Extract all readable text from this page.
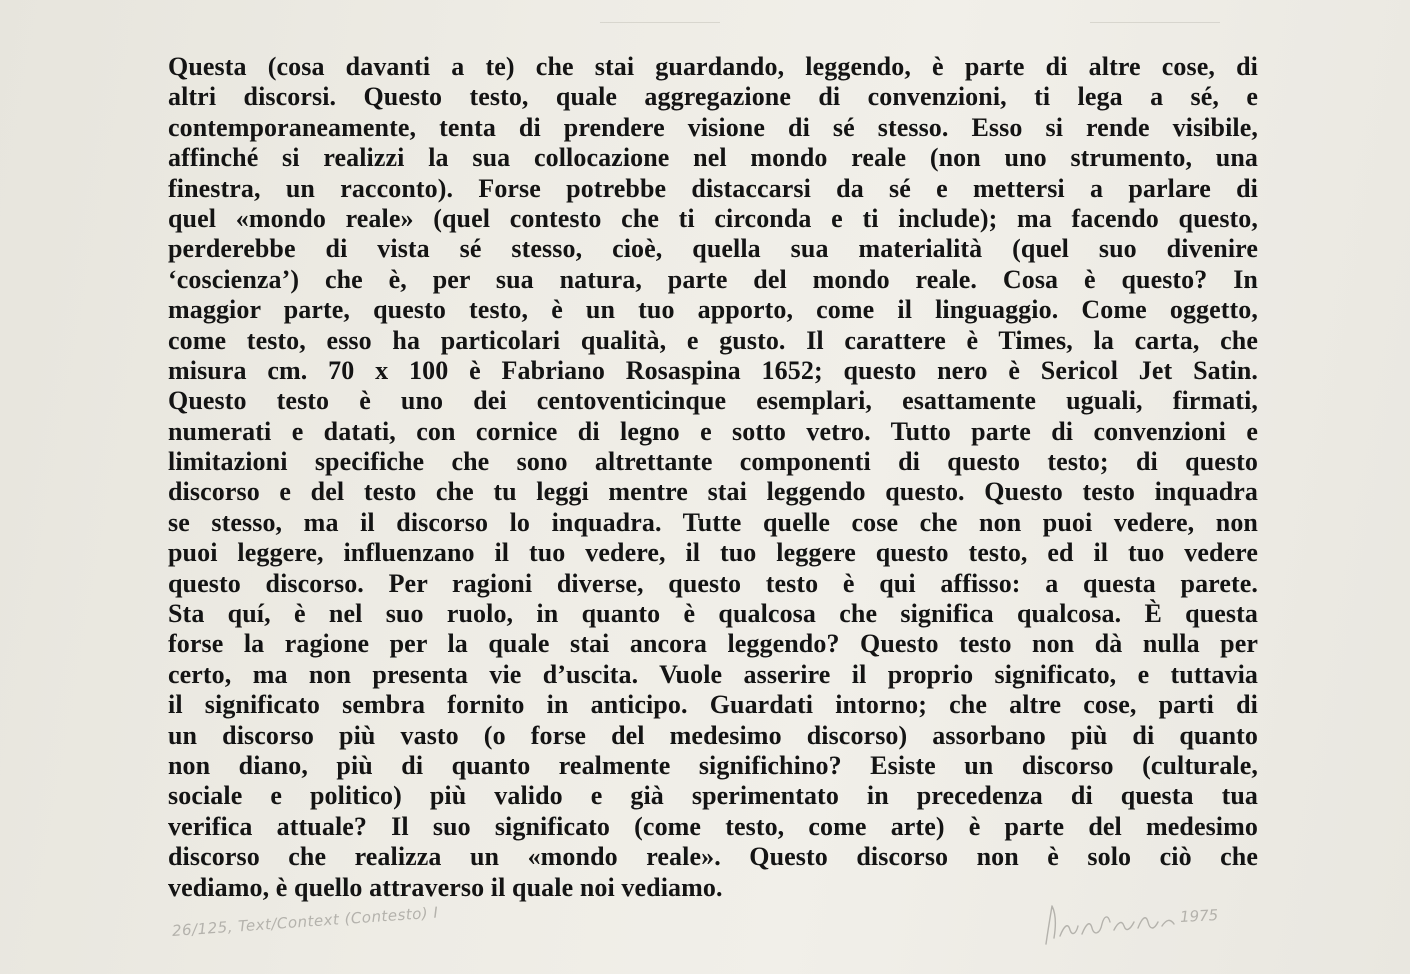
Questa (cosa davanti a te) che stai guardando, leggendo, è parte di altre cose, di
altri discorsi. Questo testo, quale aggregazione di convenzioni, ti lega a sé, e
contemporaneamente, tenta di prendere visione di sé stesso. Esso si rende visibile,
affinché si realizzi la sua collocazione nel mondo reale (non uno strumento, una
finestra, un racconto). Forse potrebbe distaccarsi da sé e mettersi a parlare di
quel «mondo reale» (quel contesto che ti circonda e ti include); ma facendo questo,
perderebbe di vista sé stesso, cioè, quella sua materialità (quel suo divenire
‘coscienza’) che è, per sua natura, parte del mondo reale. Cosa è questo? In
maggior parte, questo testo, è un tuo apporto, come il linguaggio. Come oggetto,
come testo, esso ha particolari qualità, e gusto. Il carattere è Times, la carta, che
misura cm. 70 x 100 è Fabriano Rosaspina 1652; questo nero è Sericol Jet Satin.
Questo testo è uno dei centoventicinque esemplari, esattamente uguali, firmati,
numerati e datati, con cornice di legno e sotto vetro. Tutto parte di convenzioni e
limitazioni specifiche che sono altrettante componenti di questo testo; di questo
discorso e del testo che tu leggi mentre stai leggendo questo. Questo testo inquadra
se stesso, ma il discorso lo inquadra. Tutte quelle cose che non puoi vedere, non
puoi leggere, influenzano il tuo vedere, il tuo leggere questo testo, ed il tuo vedere
questo discorso. Per ragioni diverse, questo testo è qui affisso: a questa parete.
Sta quí, è nel suo ruolo, in quanto è qualcosa che significa qualcosa. È questa
forse la ragione per la quale stai ancora leggendo? Questo testo non dà nulla per
certo, ma non presenta vie d’uscita. Vuole asserire il proprio significato, e tuttavia
il significato sembra fornito in anticipo. Guardati intorno; che altre cose, parti di
un discorso più vasto (o forse del medesimo discorso) assorbano più di quanto
non diano, più di quanto realmente significhino? Esiste un discorso (culturale,
sociale e politico) più valido e già sperimentato in precedenza di questa tua
verifica attuale? Il suo significato (come testo, come arte) è parte del medesimo
discorso che realizza un «mondo reale». Questo discorso non è solo ciò che
vediamo, è quello attraverso il quale noi vediamo.
26/125, Text/Context (Contesto) I	1975
